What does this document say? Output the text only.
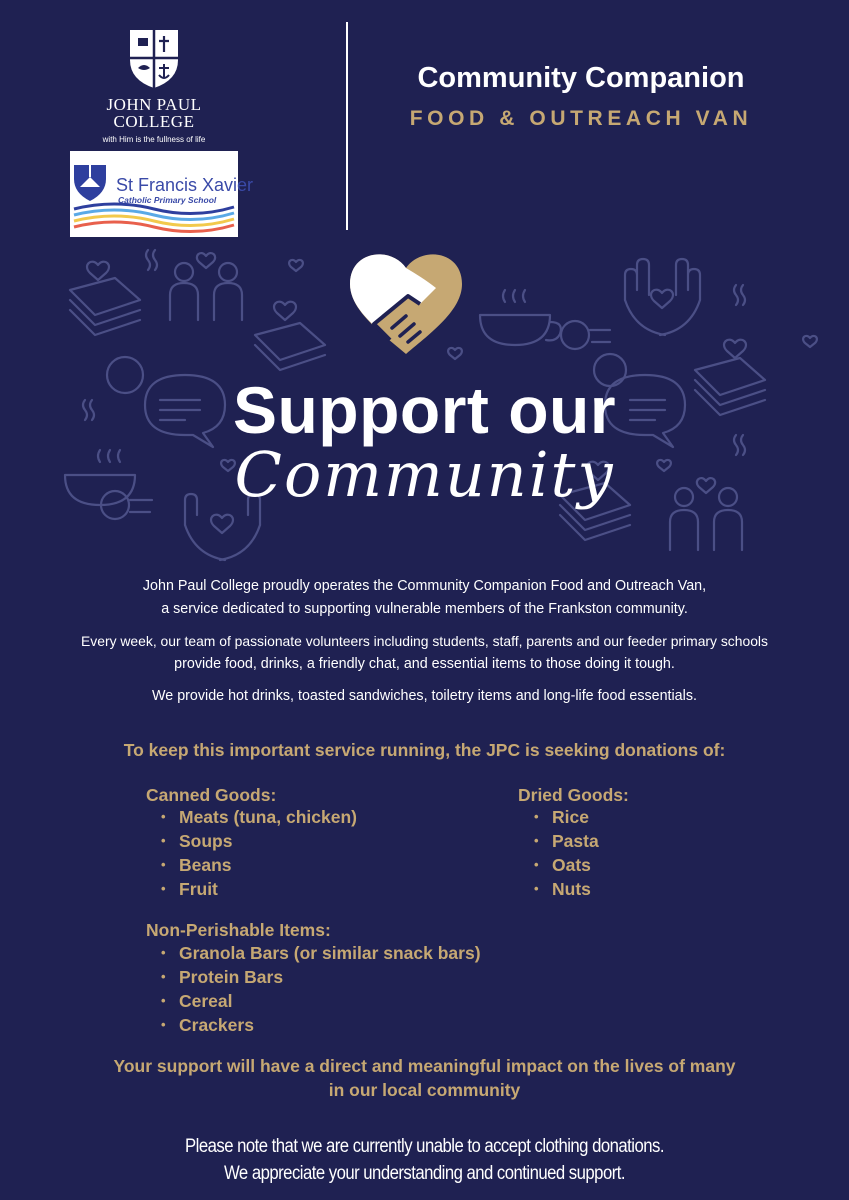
JOHN PAUL
COLLEGE
with Him is the fullness of life
St Francis Xavier
Catholic Primary School
Community Companion
FOOD & OUTREACH VAN
Support our
Community
John Paul College proudly operates the Community Companion Food and Outreach Van,
a service dedicated to supporting vulnerable members of the Frankston community.
Every week, our team of passionate volunteers including students, staff, parents and our feeder primary schools
provide food, drinks, a friendly chat, and essential items to those doing it tough.
We provide hot drinks, toasted sandwiches, toiletry items and long-life food essentials.
To keep this important service running, the JPC is seeking donations of:
Canned Goods:
• Meats (tuna, chicken)
• Soups
• Beans
• Fruit
Dried Goods:
• Rice
• Pasta
• Oats
• Nuts
Non-Perishable Items:
• Granola Bars (or similar snack bars)
• Protein Bars
• Cereal
• Crackers
Your support will have a direct and meaningful impact on the lives of many
in our local community
Please note that we are currently unable to accept clothing donations.
We appreciate your understanding and continued support.
